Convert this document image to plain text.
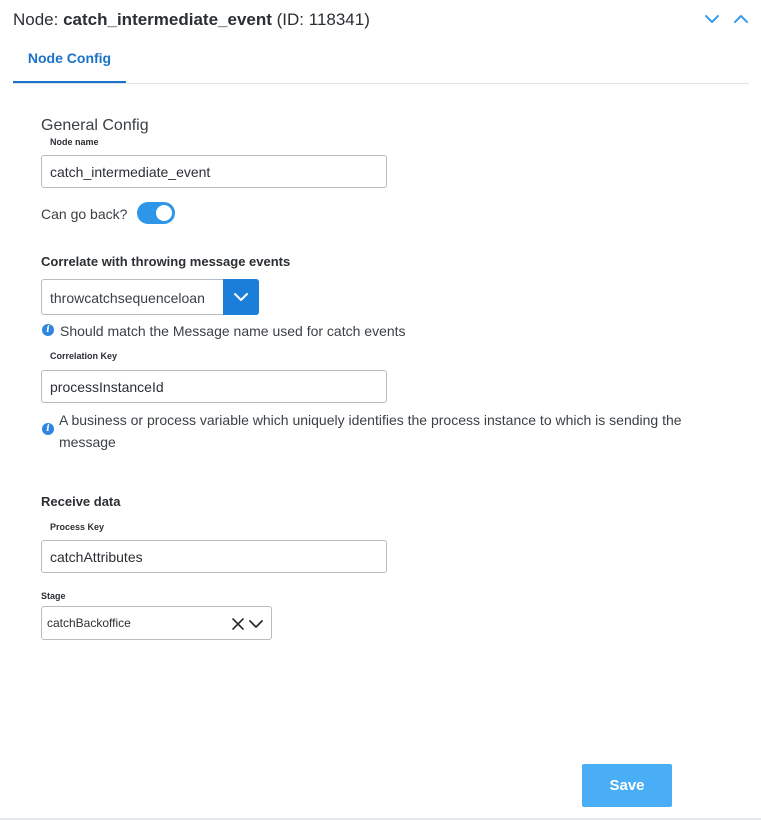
Node: catch_intermediate_event (ID: 118341)
Node Config
General Config
Node name
catch_intermediate_event
Can go back?
Correlate with throwing message events
throwcatchsequenceloan
i Should match the Message name used for catch events
Correlation Key
processInstanceId
i
A business or process variable which uniquely identifies the process instance to which is sending the message
Receive data
Process Key
catchAttributes
Stage
catchBackoffice
Save
